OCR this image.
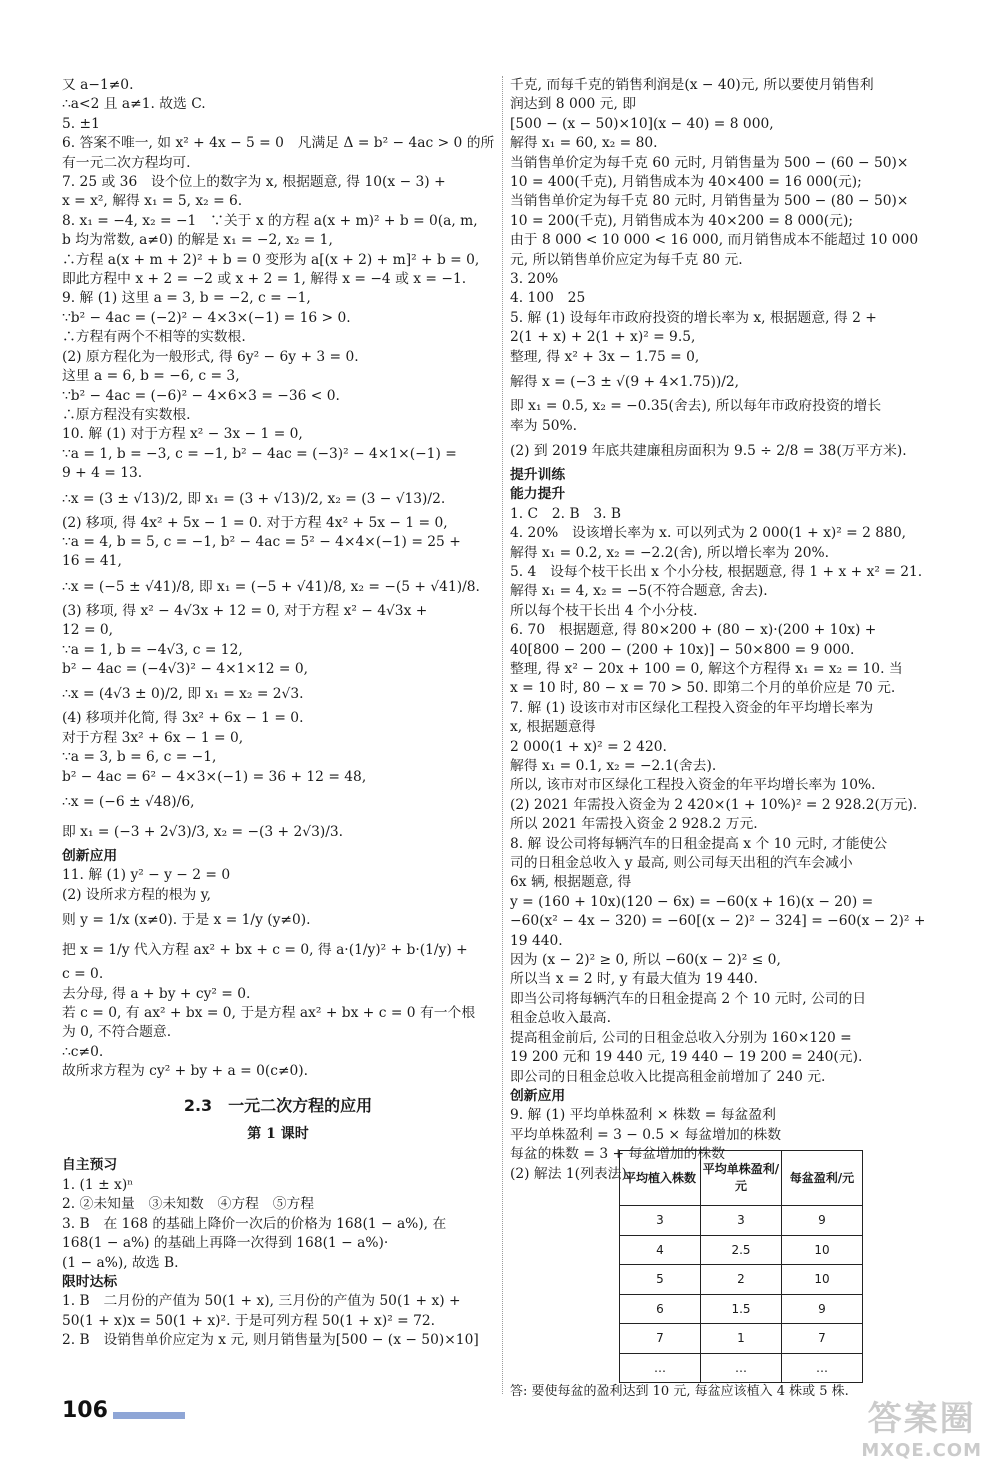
又 a−1≠0.
∴a<2 且 a≠1. 故选 C.
5. ±1
6. 答案不唯一, 如 x² + 4x − 5 = 0　凡满足 Δ = b² − 4ac > 0 的所
有一元二次方程均可.
7. 25 或 36　设个位上的数字为 x, 根据题意, 得 10(x − 3) +
x = x², 解得 x₁ = 5, x₂ = 6.
8. x₁ = −4, x₂ = −1　∵关于 x 的方程 a(x + m)² + b = 0(a, m,
b 均为常数, a≠0) 的解是 x₁ = −2, x₂ = 1,
∴方程 a(x + m + 2)² + b = 0 变形为 a[(x + 2) + m]² + b = 0,
即此方程中 x + 2 = −2 或 x + 2 = 1, 解得 x = −4 或 x = −1.
9. 解 (1) 这里 a = 3, b = −2, c = −1,
∵b² − 4ac = (−2)² − 4×3×(−1) = 16 > 0.
∴方程有两个不相等的实数根.
(2) 原方程化为一般形式, 得 6y² − 6y + 3 = 0.
这里 a = 6, b = −6, c = 3,
∵b² − 4ac = (−6)² − 4×6×3 = −36 < 0.
∴原方程没有实数根.
10. 解 (1) 对于方程 x² − 3x − 1 = 0,
∵a = 1, b = −3, c = −1, b² − 4ac = (−3)² − 4×1×(−1) =
9 + 4 = 13.
∴x = (3 ± √13)/2, 即 x₁ = (3 + √13)/2, x₂ = (3 − √13)/2.
(2) 移项, 得 4x² + 5x − 1 = 0. 对于方程 4x² + 5x − 1 = 0,
∵a = 4, b = 5, c = −1, b² − 4ac = 5² − 4×4×(−1) = 25 +
16 = 41,
∴x = (−5 ± √41)/8, 即 x₁ = (−5 + √41)/8, x₂ = −(5 + √41)/8.
(3) 移项, 得 x² − 4√3x + 12 = 0, 对于方程 x² − 4√3x +
12 = 0,
∵a = 1, b = −4√3, c = 12,
b² − 4ac = (−4√3)² − 4×1×12 = 0,
∴x = (4√3 ± 0)/2, 即 x₁ = x₂ = 2√3.
(4) 移项并化简, 得 3x² + 6x − 1 = 0.
对于方程 3x² + 6x − 1 = 0,
∵a = 3, b = 6, c = −1,
b² − 4ac = 6² − 4×3×(−1) = 36 + 12 = 48,
∴x = (−6 ± √48)/6,
即 x₁ = (−3 + 2√3)/3, x₂ = −(3 + 2√3)/3.
创新应用
11. 解 (1) y² − y − 2 = 0
(2) 设所求方程的根为 y,
则 y = 1/x (x≠0). 于是 x = 1/y (y≠0).
把 x = 1/y 代入方程 ax² + bx + c = 0, 得 a·(1/y)² + b·(1/y) +
c = 0.
去分母, 得 a + by + cy² = 0.
若 c = 0, 有 ax² + bx = 0, 于是方程 ax² + bx + c = 0 有一个根
为 0, 不符合题意.
∴c≠0.
故所求方程为 cy² + by + a = 0(c≠0).
2.3　一元二次方程的应用
第 1 课时
自主预习
1. (1 ± x)ⁿ
2. ②未知量　③未知数　④方程　⑤方程
3. B　在 168 的基础上降价一次后的价格为 168(1 − a%), 在
168(1 − a%) 的基础上再降一次得到 168(1 − a%)·
(1 − a%), 故选 B.
限时达标
1. B　二月份的产值为 50(1 + x), 三月份的产值为 50(1 + x) +
50(1 + x)x = 50(1 + x)². 于是可列方程 50(1 + x)² = 72.
2. B　设销售单价应定为 x 元, 则月销售量为[500 − (x − 50)×10]
千克, 而每千克的销售利润是(x − 40)元, 所以要使月销售利
润达到 8 000 元, 即
[500 − (x − 50)×10](x − 40) = 8 000,
解得 x₁ = 60, x₂ = 80.
当销售单价定为每千克 60 元时, 月销售量为 500 − (60 − 50)×
10 = 400(千克), 月销售成本为 40×400 = 16 000(元);
当销售单价定为每千克 80 元时, 月销售量为 500 − (80 − 50)×
10 = 200(千克), 月销售成本为 40×200 = 8 000(元);
由于 8 000 < 10 000 < 16 000, 而月销售成本不能超过 10 000
元, 所以销售单价应定为每千克 80 元.
3. 20%
4. 100　25
5. 解 (1) 设每年市政府投资的增长率为 x, 根据题意, 得 2 +
2(1 + x) + 2(1 + x)² = 9.5,
整理, 得 x² + 3x − 1.75 = 0,
解得 x = (−3 ± √(9 + 4×1.75))/2,
即 x₁ = 0.5, x₂ = −0.35(舍去), 所以每年市政府投资的增长
率为 50%.
(2) 到 2019 年底共建廉租房面积为 9.5 ÷ 2/8 = 38(万平方米).
提升训练
能力提升
1. C　2. B　3. B
4. 20%　设该增长率为 x. 可以列式为 2 000(1 + x)² = 2 880,
解得 x₁ = 0.2, x₂ = −2.2(舍), 所以增长率为 20%.
5. 4　设每个枝干长出 x 个小分枝, 根据题意, 得 1 + x + x² = 21.
解得 x₁ = 4, x₂ = −5(不符合题意, 舍去).
所以每个枝干长出 4 个小分枝.
6. 70　根据题意, 得 80×200 + (80 − x)·(200 + 10x) +
40[800 − 200 − (200 + 10x)] − 50×800 = 9 000.
整理, 得 x² − 20x + 100 = 0, 解这个方程得 x₁ = x₂ = 10. 当
x = 10 时, 80 − x = 70 > 50. 即第二个月的单价应是 70 元.
7. 解 (1) 设该市对市区绿化工程投入资金的年平均增长率为
x, 根据题意得
2 000(1 + x)² = 2 420.
解得 x₁ = 0.1, x₂ = −2.1(舍去).
所以, 该市对市区绿化工程投入资金的年平均增长率为 10%.
(2) 2021 年需投入资金为 2 420×(1 + 10%)² = 2 928.2(万元).
所以 2021 年需投入资金 2 928.2 万元.
8. 解 设公司将每辆汽车的日租金提高 x 个 10 元时, 才能使公
司的日租金总收入 y 最高, 则公司每天出租的汽车会减小
6x 辆, 根据题意, 得
y = (160 + 10x)(120 − 6x) = −60(x + 16)(x − 20) =
−60(x² − 4x − 320) = −60[(x − 2)² − 324] = −60(x − 2)² +
19 440.
因为 (x − 2)² ≥ 0, 所以 −60(x − 2)² ≤ 0,
所以当 x = 2 时, y 有最大值为 19 440.
即当公司将每辆汽车的日租金提高 2 个 10 元时, 公司的日
租金总收入最高.
提高租金前后, 公司的日租金总收入分别为 160×120 =
19 200 元和 19 440 元, 19 440 − 19 200 = 240(元).
即公司的日租金总收入比提高租金前增加了 240 元.
创新应用
9. 解 (1) 平均单株盈利 × 株数 = 每盆盈利
平均单株盈利 = 3 − 0.5 × 每盆增加的株数
每盆的株数 = 3 + 每盆增加的株数
(2) 解法 1(列表法):
平均植入株数	平均单株盈利/元	每盆盈利/元
3	3	9
4	2.5	10
5	2	10
6	1.5	9
7	1	7
…	…	…
答: 要使每盆的盈利达到 10 元, 每盆应该植入 4 株或 5 株.
106	答案圈
MXQE.COM
